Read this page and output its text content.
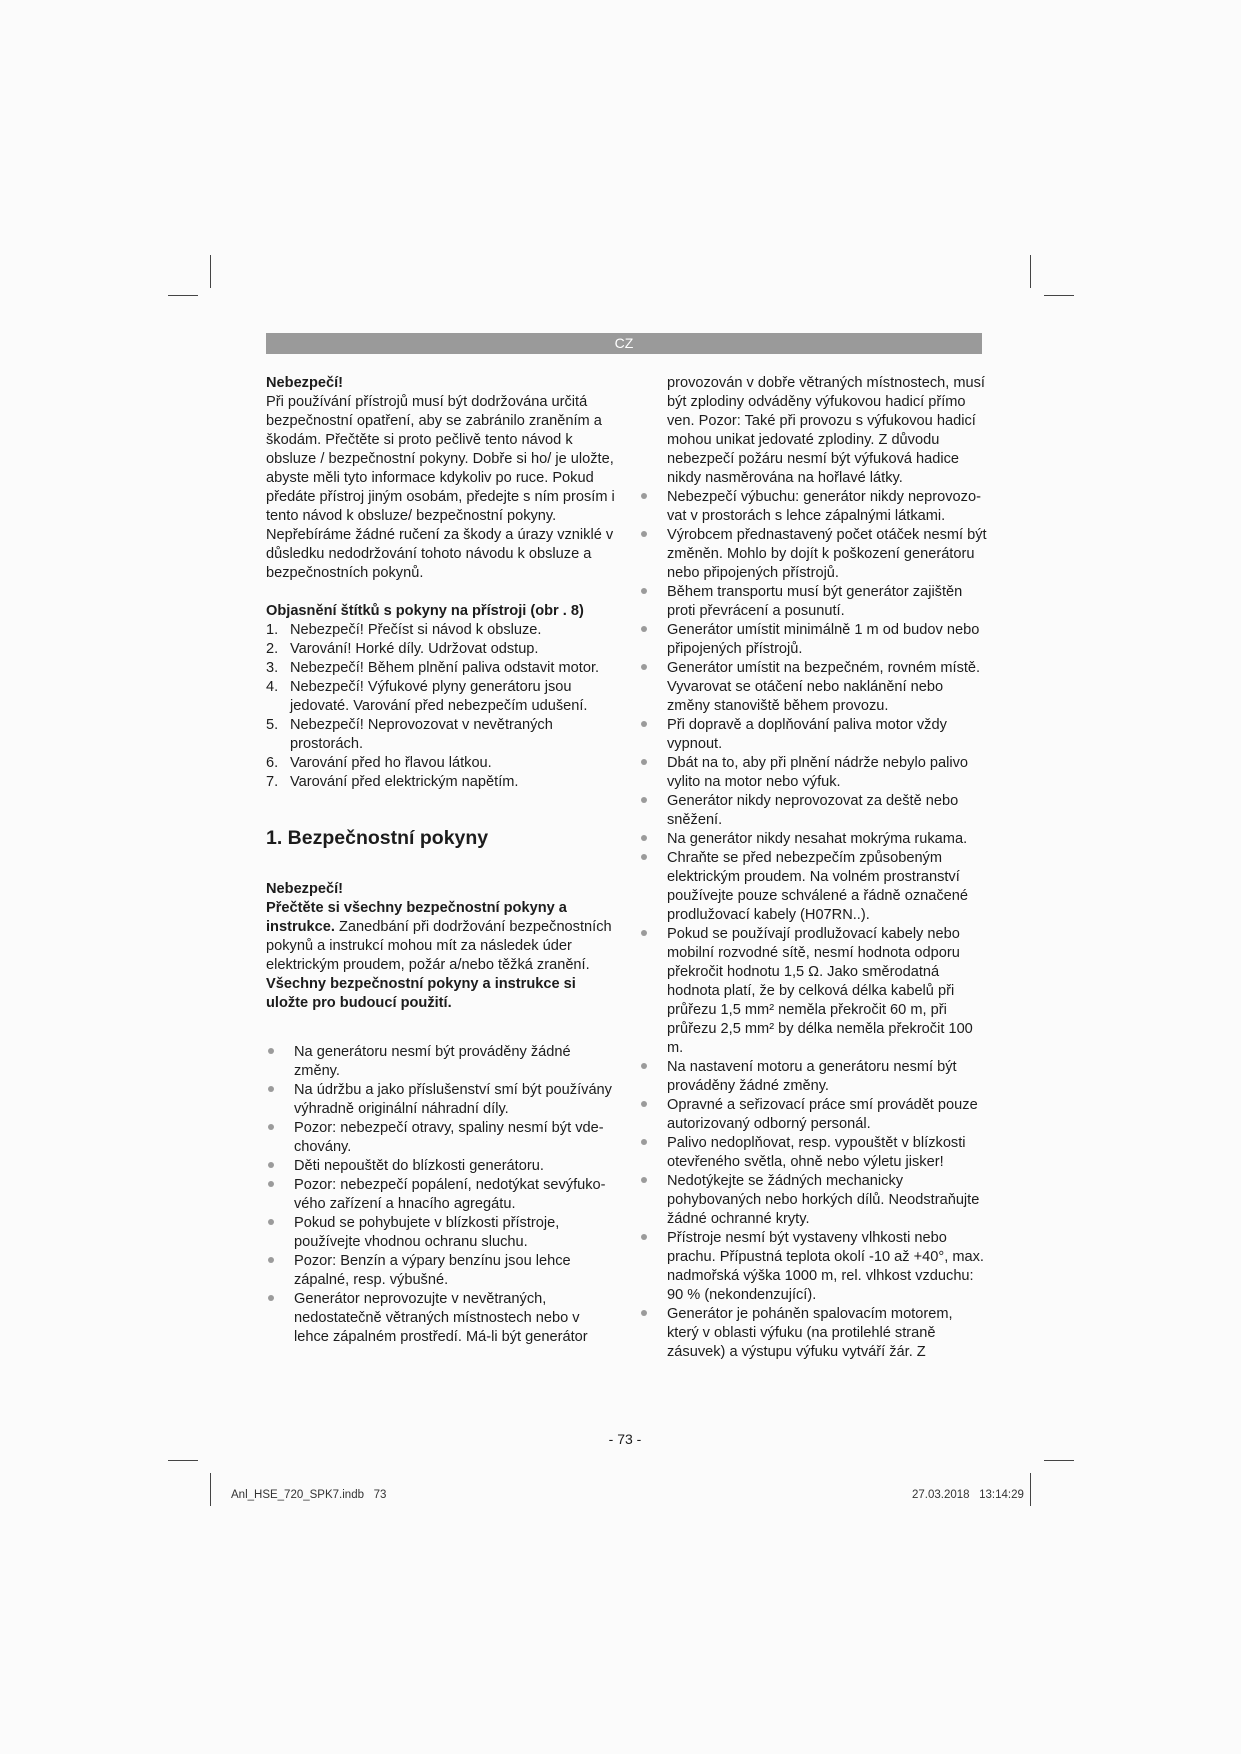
CZ

Nebezpečí!

Při používání přístrojů musí být dodržována určitá bezpečnostní opatření, aby se zabránilo zraněním a škodám. Přečtěte si proto pečlivě tento návod k obsluze / bezpečnostní pokyny. Dobře si ho/ je uložte, abyste měli tyto informace kdykoliv po ruce. Pokud předáte přístroj jiným osobám, předejte s ním prosím i tento návod k obsluze/ bezpečnostní pokyny. Nepřebíráme žádné ručení za škody a úrazy vzniklé v důsledku nedodržování tohoto návodu k obsluze a bezpečnostních pokynů.

Objasnění štítků s pokyny na přístroji (obr . 8)

1. Nebezpečí! Přečíst si návod k obsluze.
2. Varování! Horké díly. Udržovat odstup.
3. Nebezpečí! Během plnění paliva odstavit motor.
4. Nebezpečí! Výfukové plyny generátoru jsou jedovaté. Varování před nebezpečím udušení.
5. Nebezpečí! Neprovozovat v nevětraných prostorách.
6. Varování před ho řlavou látkou.
7. Varování před elektrickým napětím.

1. Bezpečnostní pokyny

Nebezpečí!

Přečtěte si všechny bezpečnostní pokyny a instrukce. Zanedbání při dodržování bezpečnostních pokynů a instrukcí mohou mít za následek úder elektrickým proudem, požár a/nebo těžká zranění. Všechny bezpečnostní pokyny a instrukce si uložte pro budoucí použití.

Na generátoru nesmí být prováděny žádné změny.
Na údržbu a jako příslušenství smí být používány výhradně originální náhradní díly.
Pozor: nebezpečí otravy, spaliny nesmí být vde-chovány.
Děti nepouštět do blízkosti generátoru.
Pozor: nebezpečí popálení, nedotýkat sevýfuko-vého zařízení a hnacího agregátu.
Pokud se pohybujete v blízkosti přístroje, používejte vhodnou ochranu sluchu.
Pozor: Benzín a výpary benzínu jsou lehce zápalné, resp. výbušné.
Generátor neprovozujte v nevětraných, nedostatečně větraných místnostech nebo v lehce zápalném prostředí. Má-li být generátor

provozován v dobře větraných místnostech, musí být zplodiny odváděny výfukovou hadicí přímo ven. Pozor: Také při provozu s výfukovou hadicí mohou unikat jedovaté zplodiny. Z důvodu nebezpečí požáru nesmí být výfuková hadice nikdy nasměrována na hořlavé látky.

Nebezpečí výbuchu: generátor nikdy neprovozo-vat v prostorách s lehce zápalnými látkami.
Výrobcem přednastavený počet otáček nesmí být změněn. Mohlo by dojít k poškození generátoru nebo připojených přístrojů.
Během transportu musí být generátor zajištěn proti převrácení a posunutí.
Generátor umístit minimálně 1 m od budov nebo připojených přístrojů.
Generátor umístit na bezpečném, rovném místě. Vyvarovat se otáčení nebo naklánění nebo změny stanoviště během provozu.
Při dopravě a doplňování paliva motor vždy vypnout.
Dbát na to, aby při plnění nádrže nebylo palivo vylito na motor nebo výfuk.
Generátor nikdy neprovozovat za deště nebo sněžení.
Na generátor nikdy nesahat mokrýma rukama.
Chraňte se před nebezpečím způsobeným elektrickým proudem. Na volném prostranství používejte pouze schválené a řádně označené prodlužovací kabely (H07RN..).
Pokud se používají prodlužovací kabely nebo mobilní rozvodné sítě, nesmí hodnota odporu překročit hodnotu 1,5 Ω. Jako směrodatná hodnota platí, že by celková délka kabelů při průřezu 1,5 mm² neměla překročit 60 m, při průřezu 2,5 mm² by délka neměla překročit 100 m.
Na nastavení motoru a generátoru nesmí být prováděny žádné změny.
Opravné a seřizovací práce smí provádět pouze autorizovaný odborný personál.
Palivo nedoplňovat, resp. vypouštět v blízkosti otevřeného světla, ohně nebo výletu jisker!
Nedotýkejte se žádných mechanicky pohybovaných nebo horkých dílů. Neodstraňujte žádné ochranné kryty.
Přístroje nesmí být vystaveny vlhkosti nebo prachu. Přípustná teplota okolí -10 až +40°, max. nadmořská výška 1000 m, rel. vlhkost vzduchu: 90 % (nekondenzující).
Generátor je poháněn spalovacím motorem, který v oblasti výfuku (na protilehlé straně zásuvek) a výstupu výfuku vytváří žár. Z
- 73 -
Anl_HSE_720_SPK7.indb   73	27.03.2018   13:14:29
